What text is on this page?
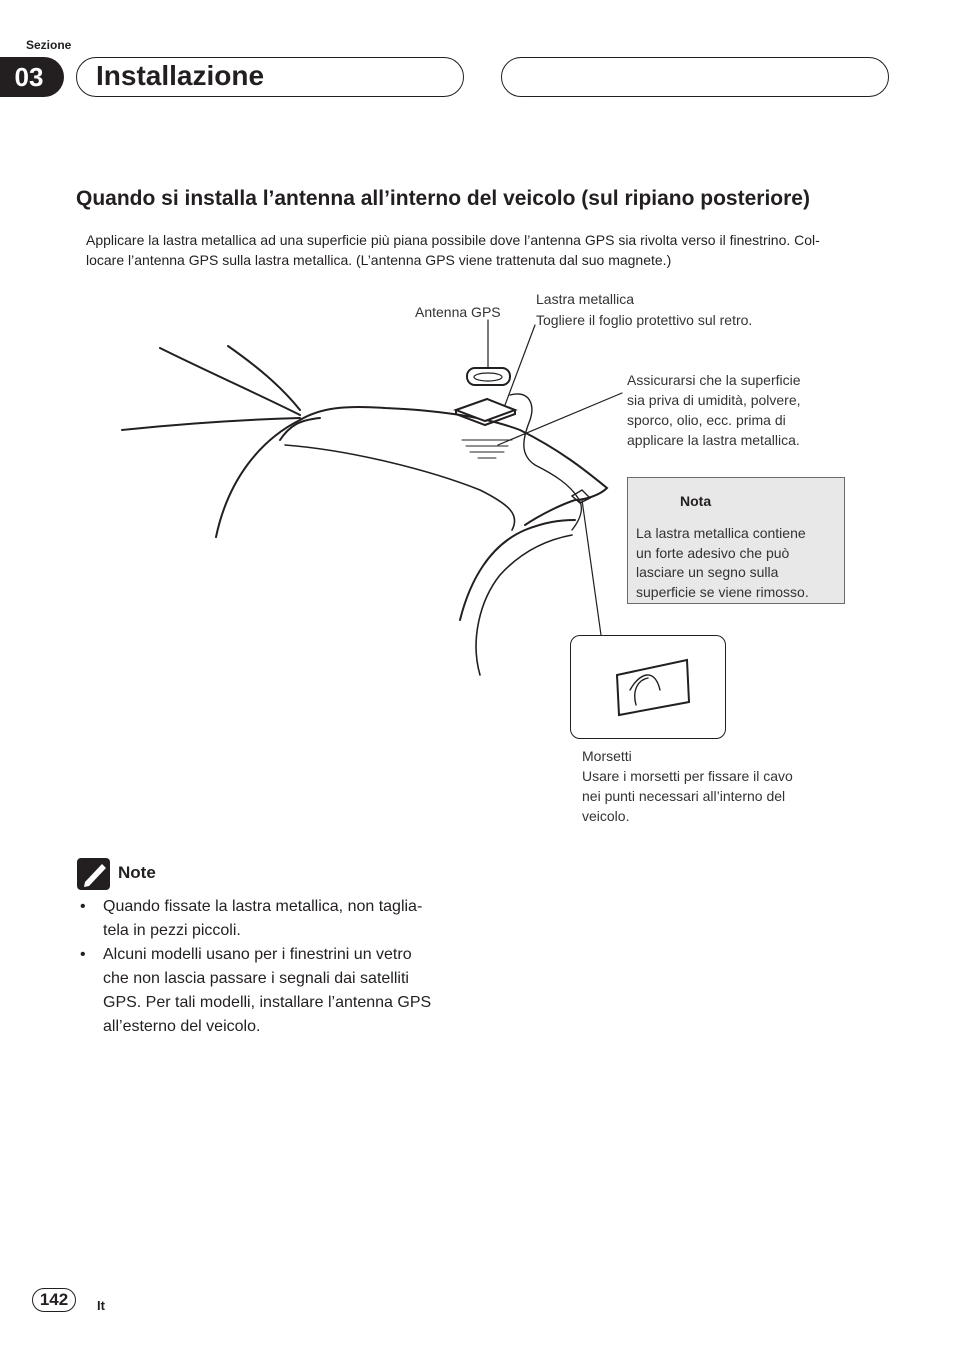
Sezione
03	Installazione
Quando si installa l’antenna all’interno del veicolo (sul ripiano posteriore)
Applicare la lastra metallica ad una superficie più piana possibile dove l’antenna GPS sia rivolta verso il finestrino. Col-
locare l’antenna GPS sulla lastra metallica. (L’antenna GPS viene trattenuta dal suo magnete.)
Antenna GPS
Lastra metallica
Togliere il foglio protettivo sul retro.
Assicurarsi che la superficie
sia priva di umidità, polvere,
sporco, olio, ecc. prima di
applicare la lastra metallica.
Nota
La lastra metallica contiene
un forte adesivo che può
lasciare un segno sulla
superficie se viene rimosso.
Morsetti
Usare i morsetti per fissare il cavo
nei punti necessari all’interno del
veicolo.
Note
• Quando fissate la lastra metallica, non taglia-
tela in pezzi piccoli.
• Alcuni modelli usano per i finestrini un vetro
che non lascia passare i segnali dai satelliti
GPS. Per tali modelli, installare l’antenna GPS
all’esterno del veicolo.
142	It
